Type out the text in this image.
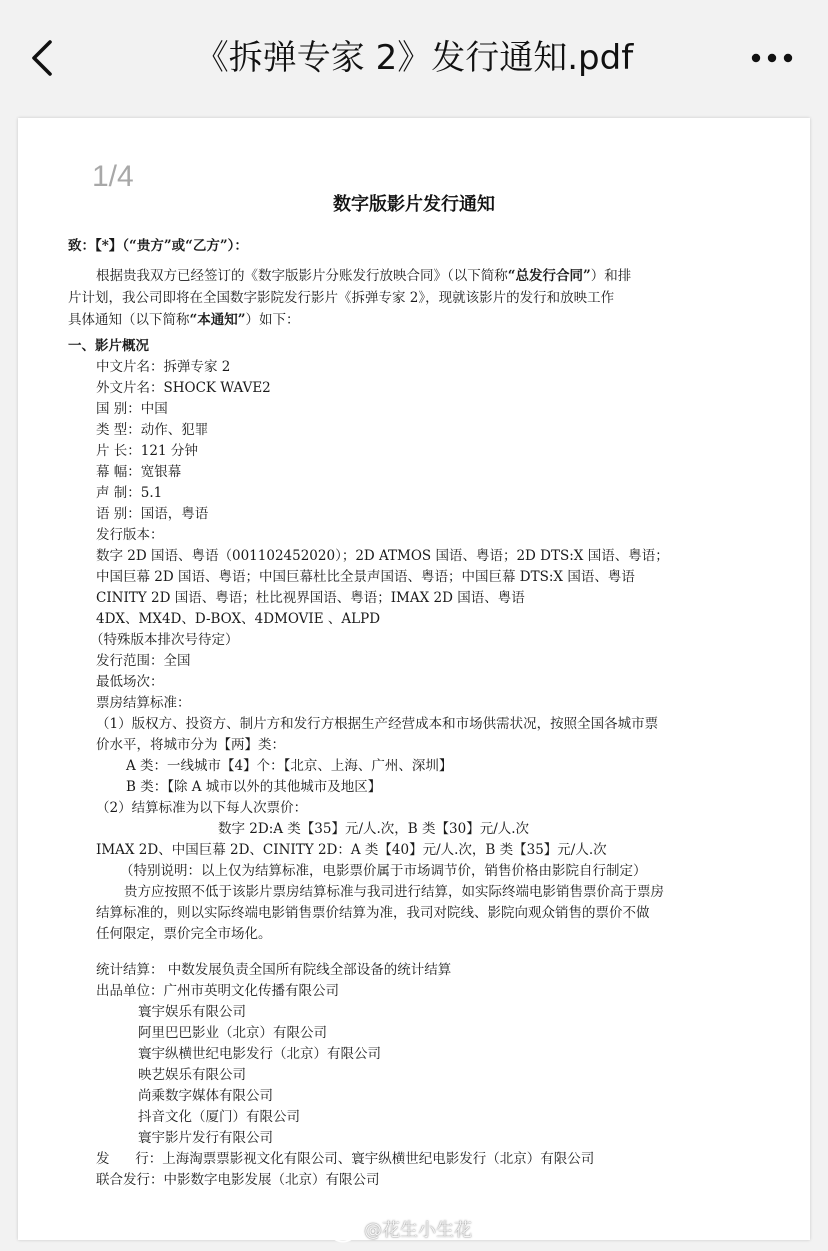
《拆弹专家 2》发行通知.pdf
1/4
数字版影片发行通知
致：【*】（“贵方”或“乙方”）：
根据贵我双方已经签订的《数字版影片分账发行放映合同》（以下简称“总发行合同”）和排
片计划，我公司即将在全国数字影院发行影片《拆弹专家 2》，现就该影片的发行和放映工作
具体通知（以下简称“本通知”）如下：
一、影片概况
中文片名：拆弹专家 2
外文片名：SHOCK WAVE2
国 别：中国
类 型：动作、犯罪
片 长：121 分钟
幕 幅：宽银幕
声 制：5.1
语 别：国语，粤语
发行版本：
数字 2D 国语、粤语（001102452020）；2D ATMOS 国语、粤语；2D DTS:X 国语、粤语；
中国巨幕 2D 国语、粤语；中国巨幕杜比全景声国语、粤语；中国巨幕 DTS:X 国语、粤语
CINITY 2D 国语、粤语；杜比视界国语、粤语；IMAX 2D 国语、粤语
4DX、MX4D、D-BOX、4DMOVIE 、ALPD
（特殊版本排次号待定）
发行范围：全国
最低场次：
票房结算标准：
（1）版权方、投资方、制片方和发行方根据生产经营成本和市场供需状况，按照全国各城市票
价水平，将城市分为【两】类：
A 类：一线城市【4】个：【北京、上海、广州、深圳】
B 类：【除 A 城市以外的其他城市及地区】
（2）结算标准为以下每人次票价：
数字 2D:A 类【35】元/人.次，B 类【30】元/人.次
IMAX 2D、中国巨幕 2D、CINITY 2D：A 类【40】元/人.次，B 类【35】元/人.次
（特别说明：以上仅为结算标准，电影票价属于市场调节价，销售价格由影院自行制定）
贵方应按照不低于该影片票房结算标准与我司进行结算，如实际终端电影销售票价高于票房
结算标准的，则以实际终端电影销售票价结算为准，我司对院线、影院向观众销售的票价不做
任何限定，票价完全市场化。
统计结算： 中数发展负责全国所有院线全部设备的统计结算
出品单位：广州市英明文化传播有限公司
寰宇娱乐有限公司
阿里巴巴影业（北京）有限公司
寰宇纵横世纪电影发行（北京）有限公司
映艺娱乐有限公司
尚乘数字媒体有限公司
抖音文化（厦门）有限公司
寰宇影片发行有限公司
发      行：上海淘票票影视文化有限公司、寰宇纵横世纪电影发行（北京）有限公司
联合发行：中影数字电影发展（北京）有限公司
@花生小生花
